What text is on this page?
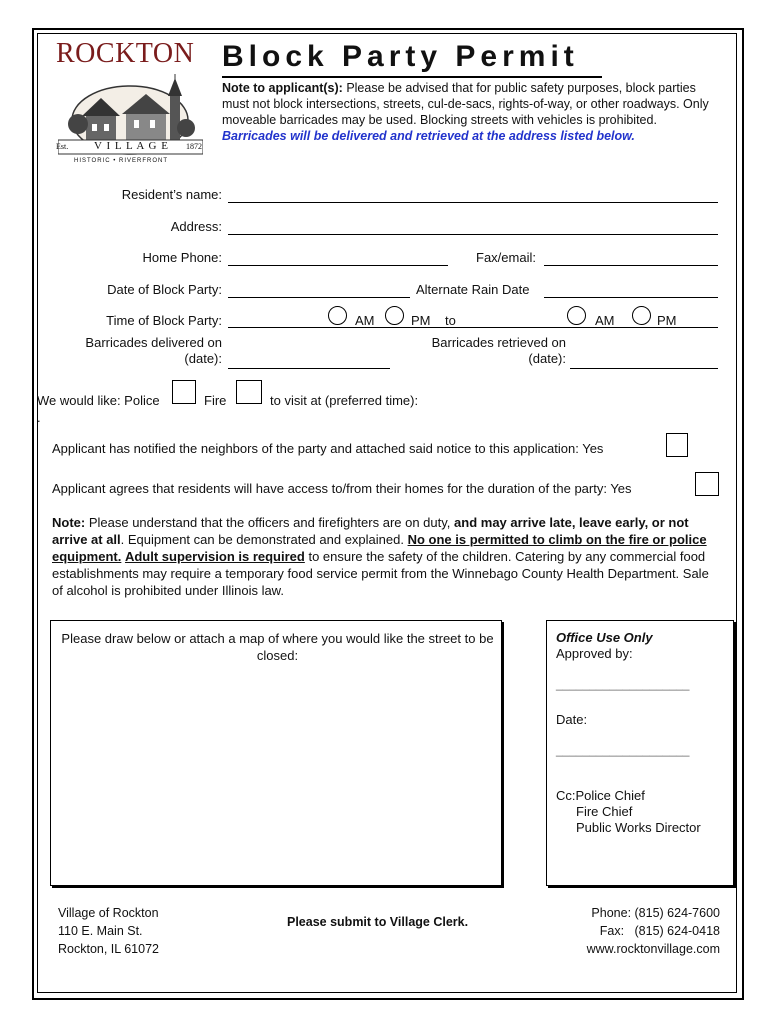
ROCKTON
Est. V I L L A G E 1872
HISTORIC • RIVERFRONT
Block Party Permit
Note to applicant(s): Please be advised that for public safety purposes, block parties must not block intersections, streets, cul-de-sacs, rights-of-way, or other roadways. Only moveable barricades may be used. Blocking streets with vehicles is prohibited. Barricades will be delivered and retrieved at the address listed below.
Resident’s name:
Address:
Home Phone:	Fax/email:
Date of Block Party:	Alternate Rain Date
Time of Block Party:	AM	PM to	AM	PM
Barricades delivered on
(date):
Barricades retrieved on
(date):
We would like: Police	Fire	to visit at (preferred time):
.
Applicant has notified the neighbors of the party and attached said notice to this application: Yes
Applicant agrees that residents will have access to/from their homes for the duration of the party: Yes
Note: Please understand that the officers and firefighters are on duty, and may arrive late, leave early, or not arrive at all. Equipment can be demonstrated and explained. No one is permitted to climb on the fire or police equipment. Adult supervision is required to ensure the safety of the children. Catering by any commercial food establishments may require a temporary food service permit from the Winnebago County Health Department. Sale of alcohol is prohibited under Illinois law.
Please draw below or attach a map of where you would like the street to be closed:
Office Use Only
Approved by:
____________________
Date:
____________________
Cc:Police Chief
Fire Chief
Public Works Director
Village of Rockton
110 E. Main St.
Rockton, IL 61072
Please submit to Village Clerk.
Phone: (815) 624-7600
Fax:   (815) 624-0418
www.rocktonvillage.com
